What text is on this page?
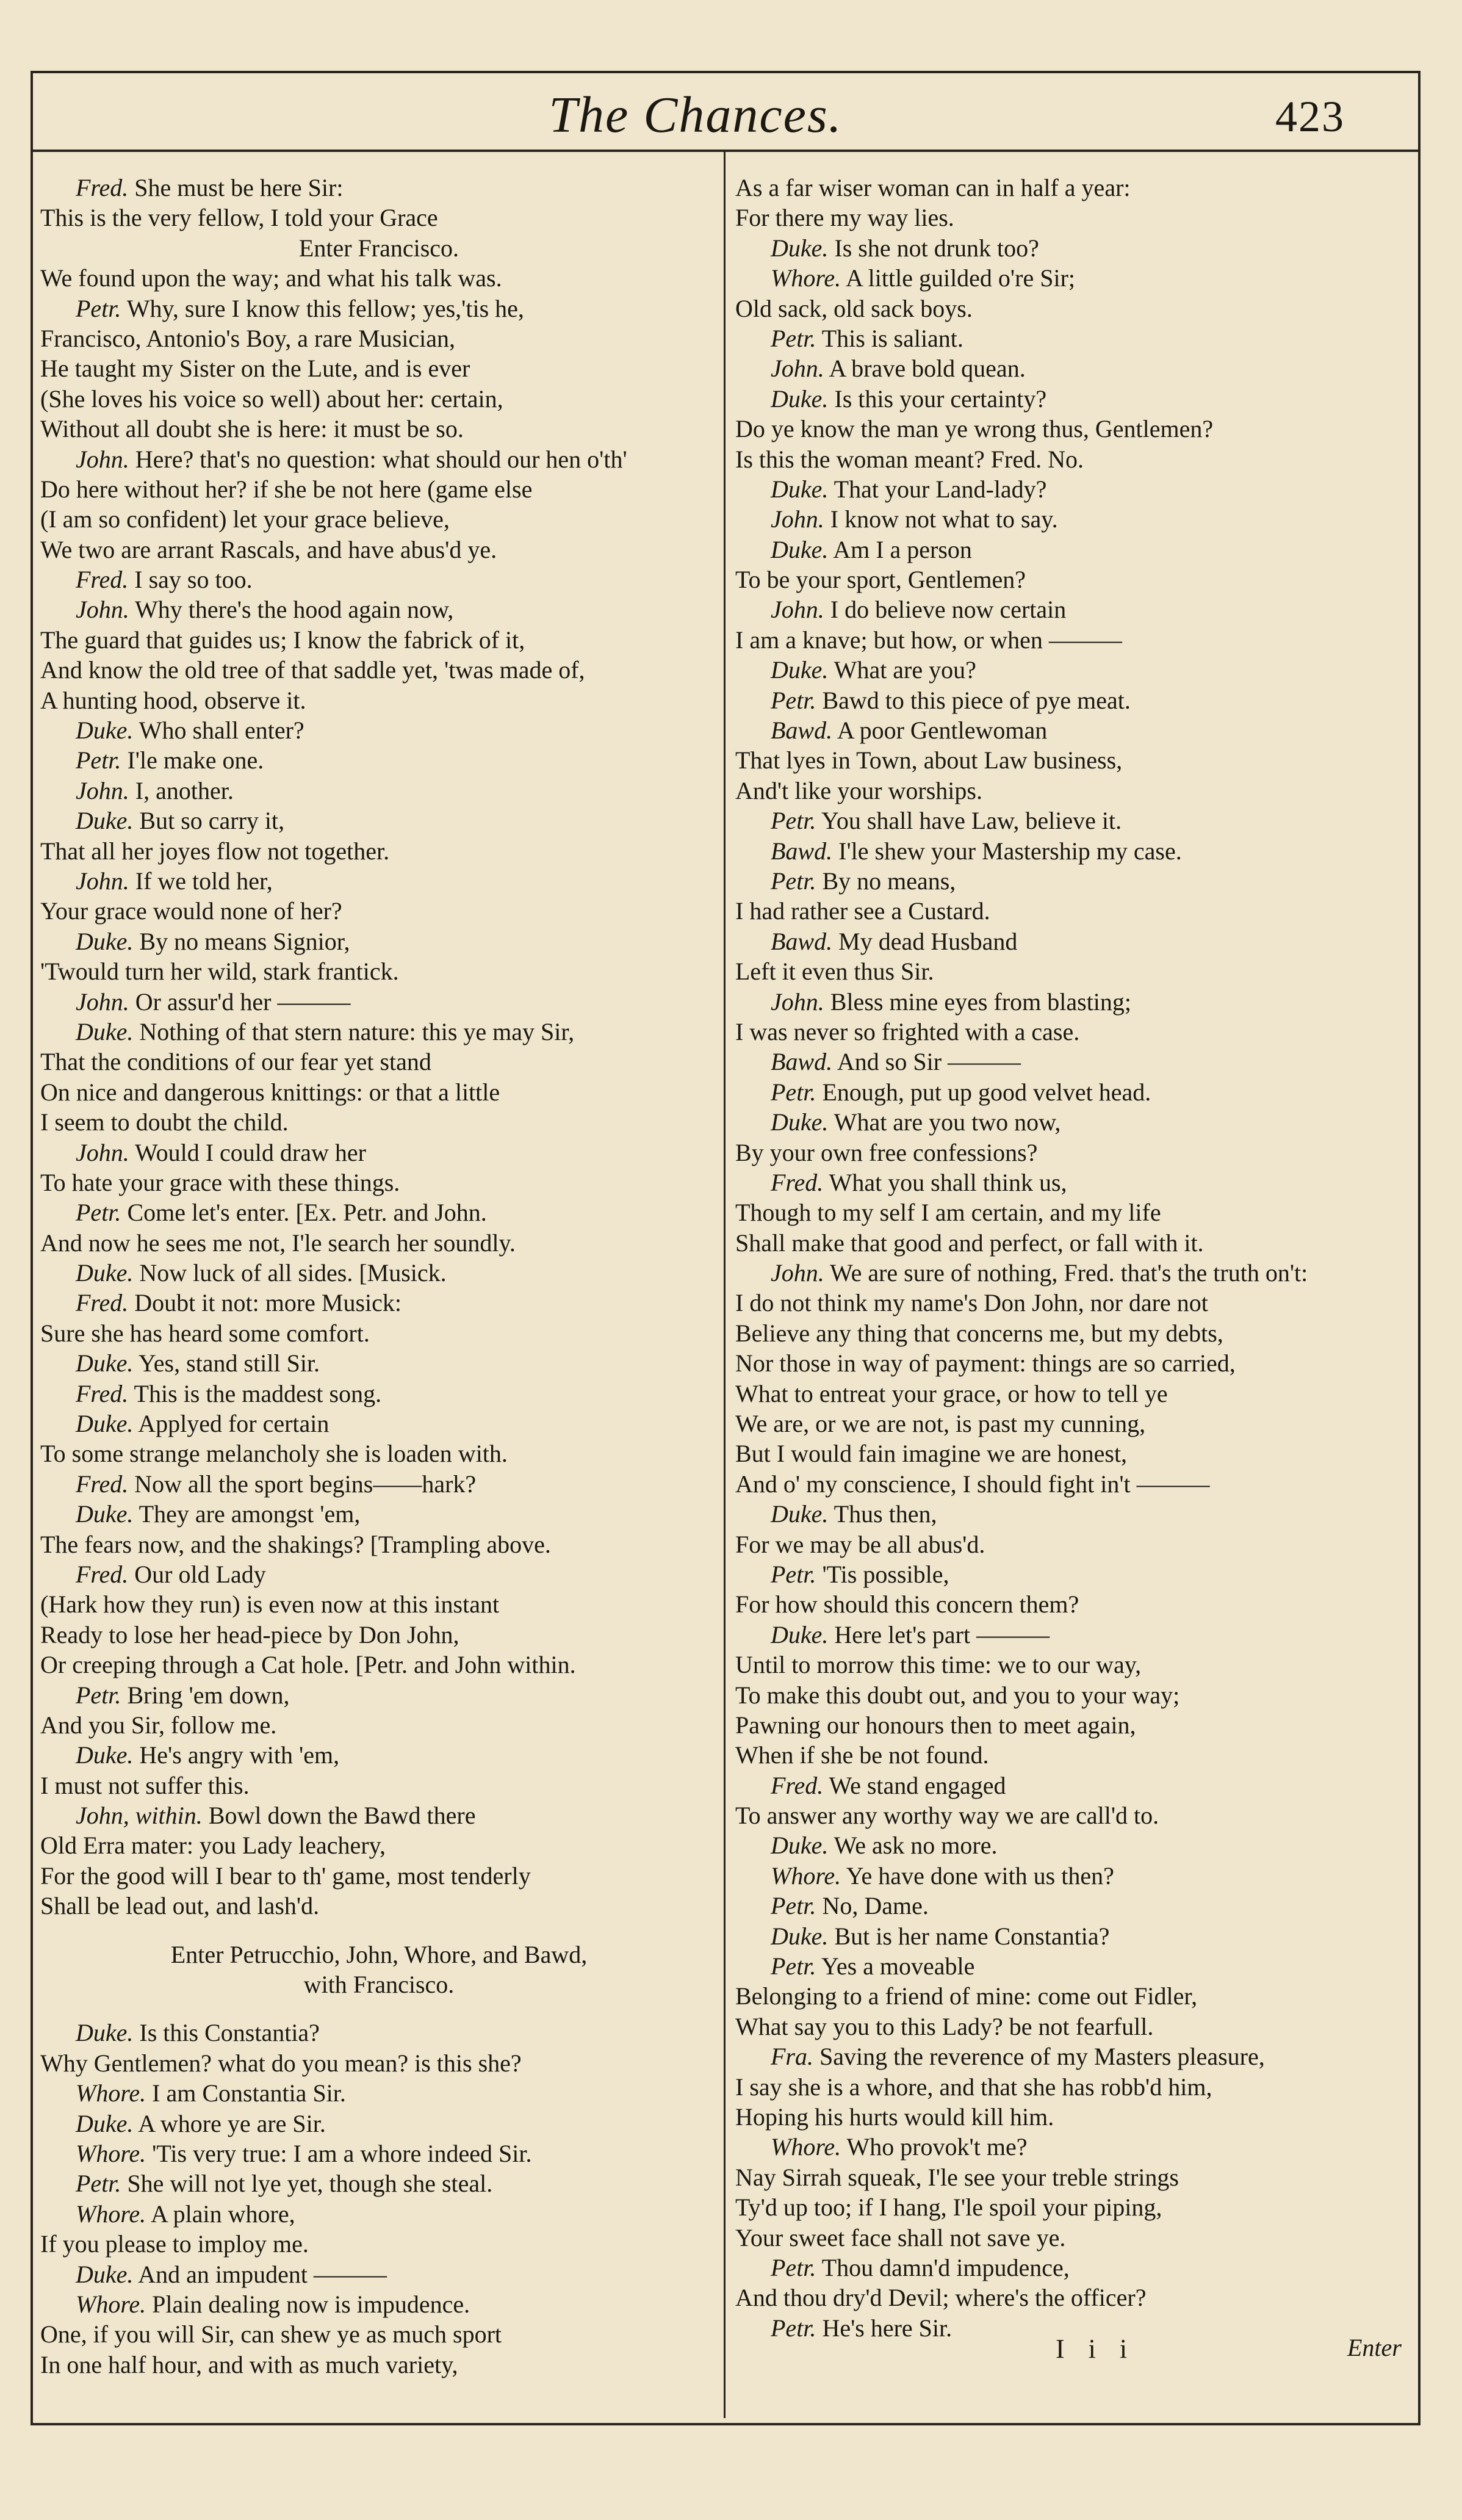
The Chances.	423
Fred. She must be here Sir:
This is the very fellow, I told your Grace
Enter Francisco.
We found upon the way; and what his talk was.
Petr. Why, sure I know this fellow; yes,'tis he,
Francisco, Antonio's Boy, a rare Musician,
He taught my Sister on the Lute, and is ever
(She loves his voice so well) about her: certain,
Without all doubt she is here: it must be so.
John. Here? that's no question: what should our hen o'th'
Do here without her? if she be not here (game else
(I am so confident) let your grace believe,
We two are arrant Rascals, and have abus'd ye.
Fred. I say so too.
John. Why there's the hood again now,
The guard that guides us; I know the fabrick of it,
And know the old tree of that saddle yet, 'twas made of,
A hunting hood, observe it.
Duke. Who shall enter?
Petr. I'le make one.
John. I, another.
Duke. But so carry it,
That all her joyes flow not together.
John. If we told her,
Your grace would none of her?
Duke. By no means Signior,
'Twould turn her wild, stark frantick.
John. Or assur'd her ———
Duke. Nothing of that stern nature: this ye may Sir,
That the conditions of our fear yet stand
On nice and dangerous knittings: or that a little
I seem to doubt the child.
John. Would I could draw her
To hate your grace with these things.
Petr. Come let's enter. [Ex. Petr. and John.
And now he sees me not, I'le search her soundly.
Duke. Now luck of all sides. [Musick.
Fred. Doubt it not: more Musick:
Sure she has heard some comfort.
Duke. Yes, stand still Sir.
Fred. This is the maddest song.
Duke. Applyed for certain
To some strange melancholy she is loaden with.
Fred. Now all the sport begins——hark?
Duke. They are amongst 'em,
The fears now, and the shakings? [Trampling above.
Fred. Our old Lady
(Hark how they run) is even now at this instant
Ready to lose her head-piece by Don John,
Or creeping through a Cat hole. [Petr. and John within.
Petr. Bring 'em down,
And you Sir, follow me.
Duke. He's angry with 'em,
I must not suffer this.
John, within. Bowl down the Bawd there
Old Erra mater: you Lady leachery,
For the good will I bear to th' game, most tenderly
Shall be lead out, and lash'd.
Enter Petrucchio, John, Whore, and Bawd,
with Francisco.
Duke. Is this Constantia?
Why Gentlemen? what do you mean? is this she?
Whore. I am Constantia Sir.
Duke. A whore ye are Sir.
Whore. 'Tis very true: I am a whore indeed Sir.
Petr. She will not lye yet, though she steal.
Whore. A plain whore,
If you please to imploy me.
Duke. And an impudent ———
Whore. Plain dealing now is impudence.
One, if you will Sir, can shew ye as much sport
In one half hour, and with as much variety,
As a far wiser woman can in half a year:
For there my way lies.
Duke. Is she not drunk too?
Whore. A little guilded o're Sir;
Old sack, old sack boys.
Petr. This is saliant.
John. A brave bold quean.
Duke. Is this your certainty?
Do ye know the man ye wrong thus, Gentlemen?
Is this the woman meant? Fred. No.
Duke. That your Land-lady?
John. I know not what to say.
Duke. Am I a person
To be your sport, Gentlemen?
John. I do believe now certain
I am a knave; but how, or when ———
Duke. What are you?
Petr. Bawd to this piece of pye meat.
Bawd. A poor Gentlewoman
That lyes in Town, about Law business,
And't like your worships.
Petr. You shall have Law, believe it.
Bawd. I'le shew your Mastership my case.
Petr. By no means,
I had rather see a Custard.
Bawd. My dead Husband
Left it even thus Sir.
John. Bless mine eyes from blasting;
I was never so frighted with a case.
Bawd. And so Sir ———
Petr. Enough, put up good velvet head.
Duke. What are you two now,
By your own free confessions?
Fred. What you shall think us,
Though to my self I am certain, and my life
Shall make that good and perfect, or fall with it.
John. We are sure of nothing, Fred. that's the truth on't:
I do not think my name's Don John, nor dare not
Believe any thing that concerns me, but my debts,
Nor those in way of payment: things are so carried,
What to entreat your grace, or how to tell ye
We are, or we are not, is past my cunning,
But I would fain imagine we are honest,
And o' my conscience, I should fight in't ———
Duke. Thus then,
For we may be all abus'd.
Petr. 'Tis possible,
For how should this concern them?
Duke. Here let's part ———
Until to morrow this time: we to our way,
To make this doubt out, and you to your way;
Pawning our honours then to meet again,
When if she be not found.
Fred. We stand engaged
To answer any worthy way we are call'd to.
Duke. We ask no more.
Whore. Ye have done with us then?
Petr. No, Dame.
Duke. But is her name Constantia?
Petr. Yes a moveable
Belonging to a friend of mine: come out Fidler,
What say you to this Lady? be not fearfull.
Fra. Saving the reverence of my Masters pleasure,
I say she is a whore, and that she has robb'd him,
Hoping his hurts would kill him.
Whore. Who provok't me?
Nay Sirrah squeak, I'le see your treble strings
Ty'd up too; if I hang, I'le spoil your piping,
Your sweet face shall not save ye.
Petr. Thou damn'd impudence,
And thou dry'd Devil; where's the officer?
Petr. He's here Sir.
I i i	Enter
